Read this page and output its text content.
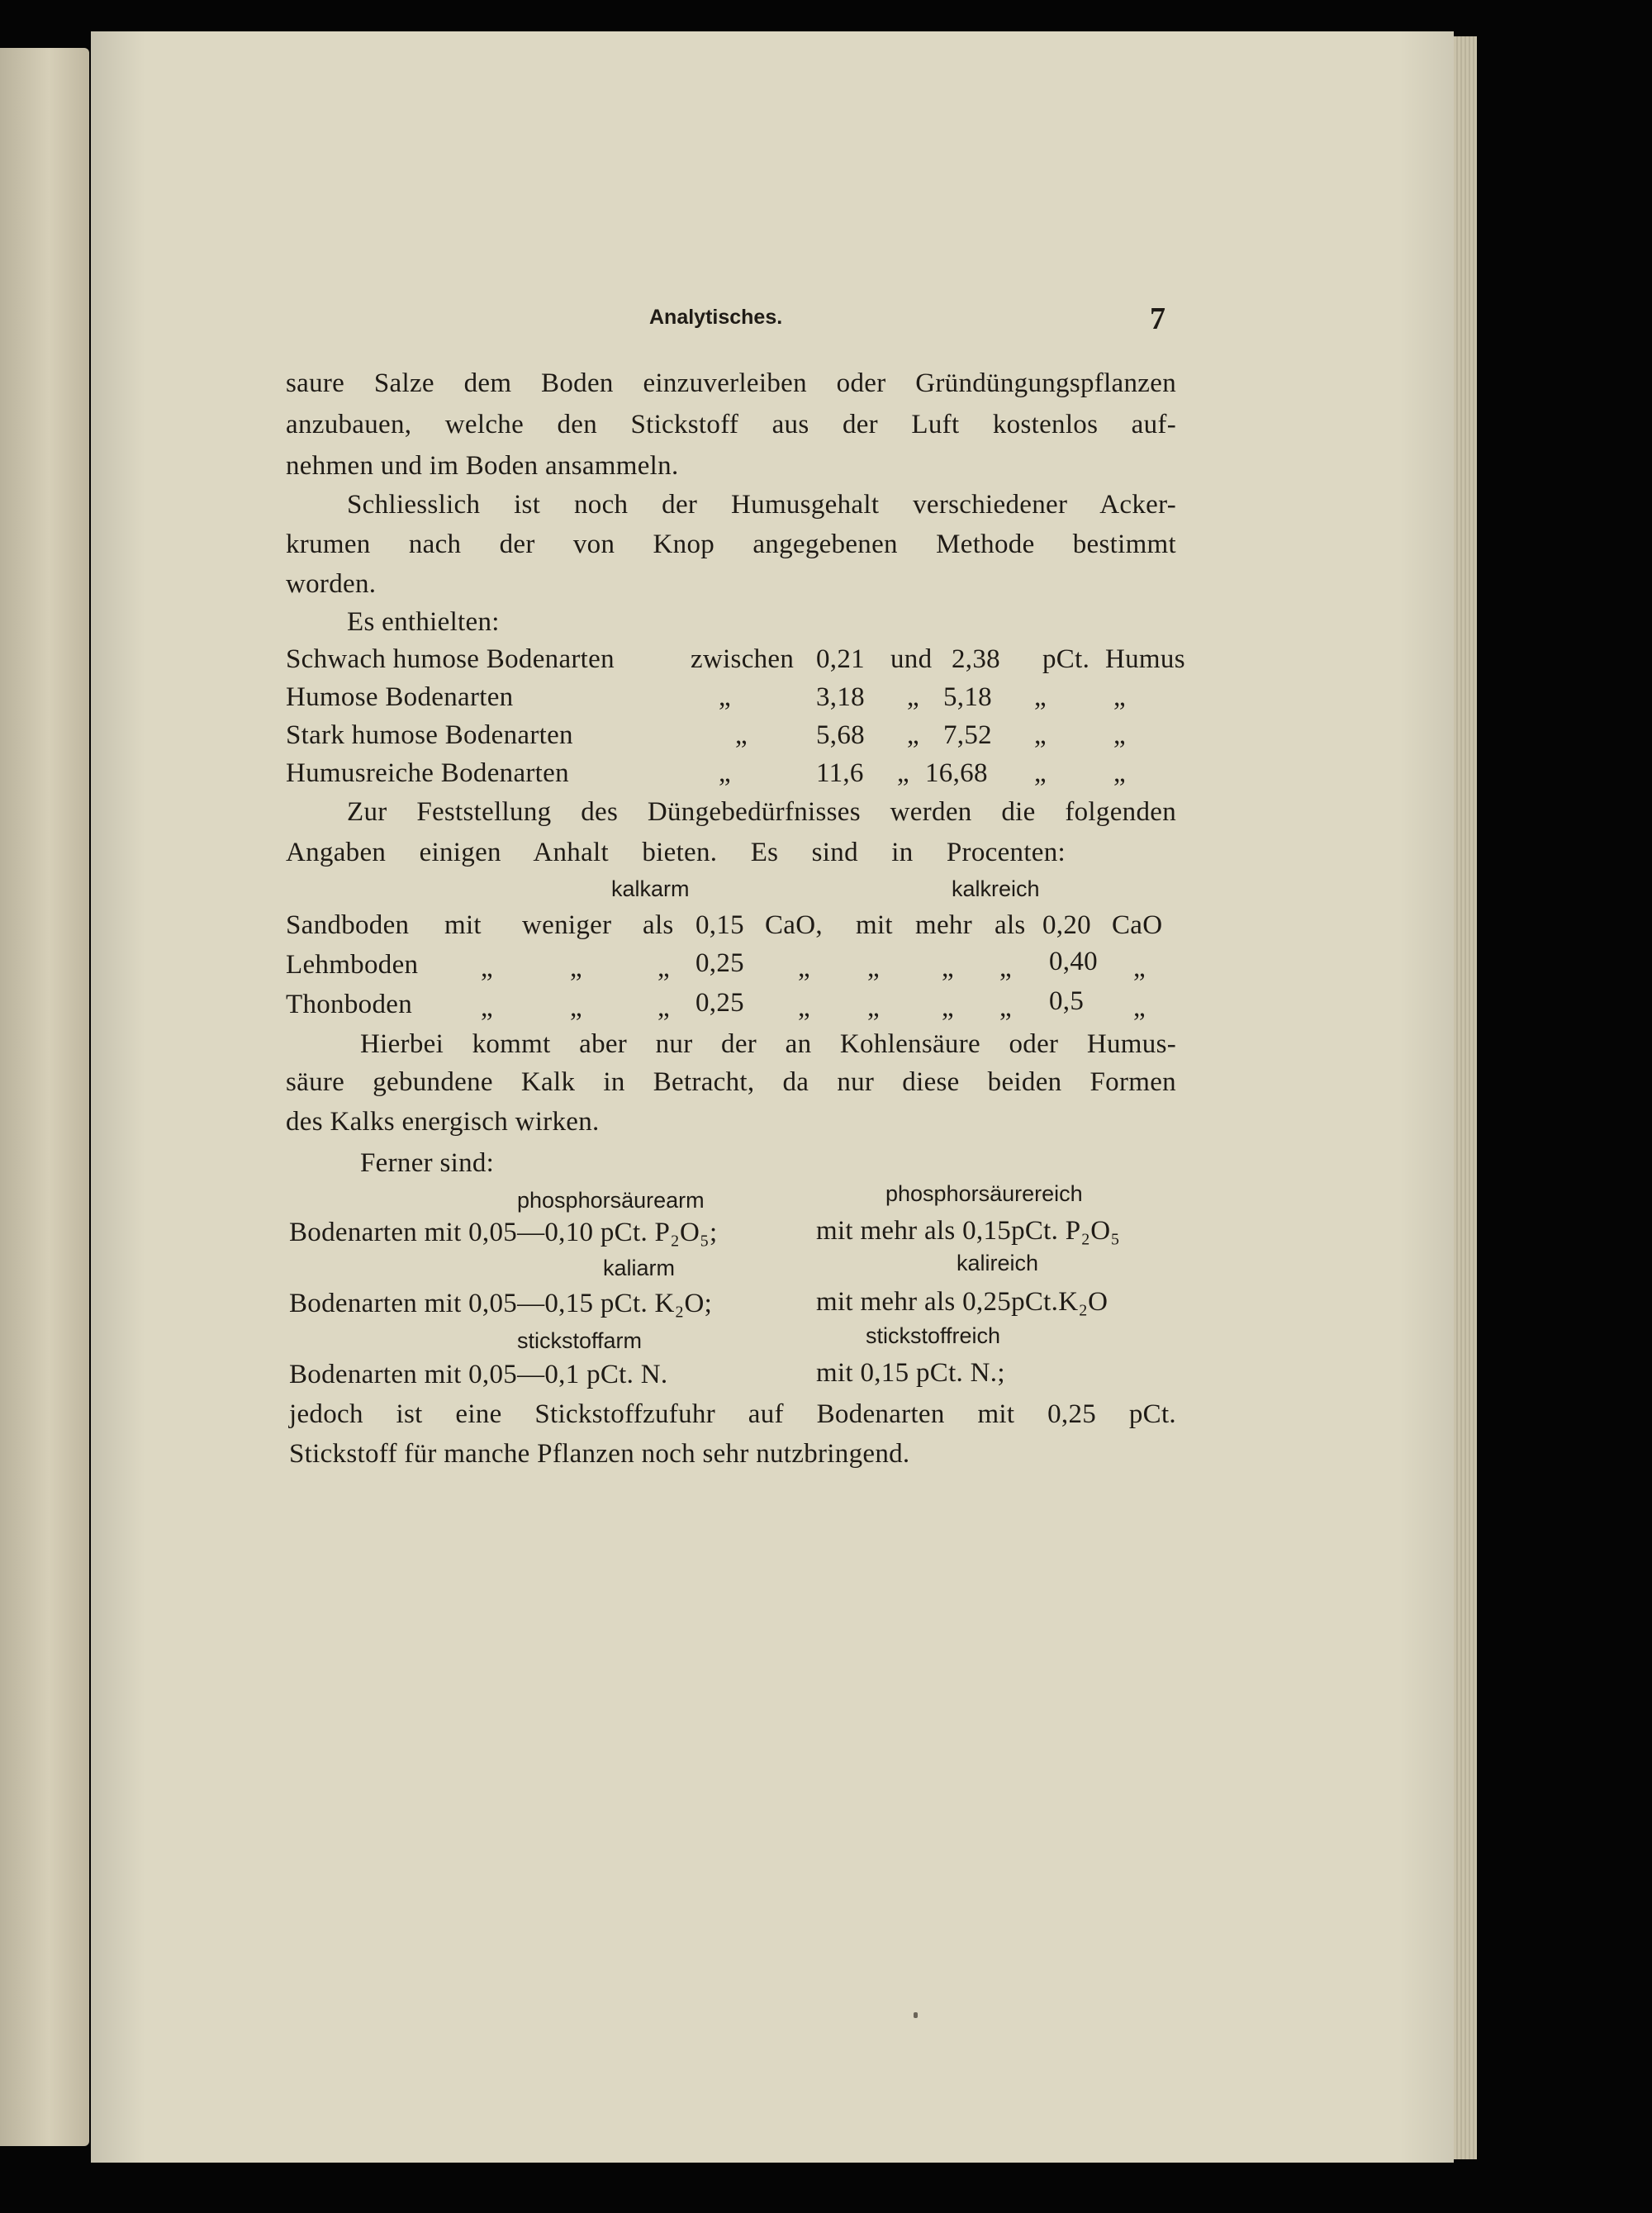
Analytisches.	7
saure Salze dem Boden einzuverleiben oder Gründüngungspflanzen
anzubauen, welche den Stickstoff aus der Luft kostenlos auf-
nehmen und im Boden ansammeln.
Schliesslich ist noch der Humusgehalt verschiedener Acker-
krumen nach der von Knop angegebenen Methode bestimmt
worden.
Es enthielten:
Schwach humose Bodenarten	zwischen 0,21 und 2,38 pCt. Humus
Humose Bodenarten	„	3,18 „ 5,18 „ „
Stark humose Bodenarten	„	5,68 „ 7,52 „ „
Humusreiche Bodenarten	„	11,6 „ 16,68 „ „
Zur Feststellung des Düngebedürfnisses werden die folgenden
Angaben einigen Anhalt bieten. Es sind in Procenten:
kalkarm	kalkreich
Sandboden mit weniger als 0,15 CaO, mit mehr als 0,20 CaO
Lehmboden „	„	„ 0,25 „ „ „ „ 0,40 „
Thonboden	„	„	„ 0,25 „ „ „ „ 0,5 „
Hierbei kommt aber nur der an Kohlensäure oder Humus-
säure gebundene Kalk in Betracht, da nur diese beiden Formen
des Kalks energisch wirken.
Ferner sind:
phosphorsäurearm	phosphorsäurereich
Bodenarten mit 0,05—0,10 pCt. P₂O₅;	mit mehr als 0,15pCt. P₂O₅
kaliarm	kalireich
Bodenarten mit 0,05—0,15 pCt. K₂O;	mit mehr als 0,25pCt.K₂O
stickstoffarm	stickstoffreich
Bodenarten mit 0,05—0,1 pCt. N.	mit 0,15 pCt. N.;
jedoch ist eine Stickstoffzufuhr auf Bodenarten mit 0,25 pCt.
Stickstoff für manche Pflanzen noch sehr nutzbringend.
